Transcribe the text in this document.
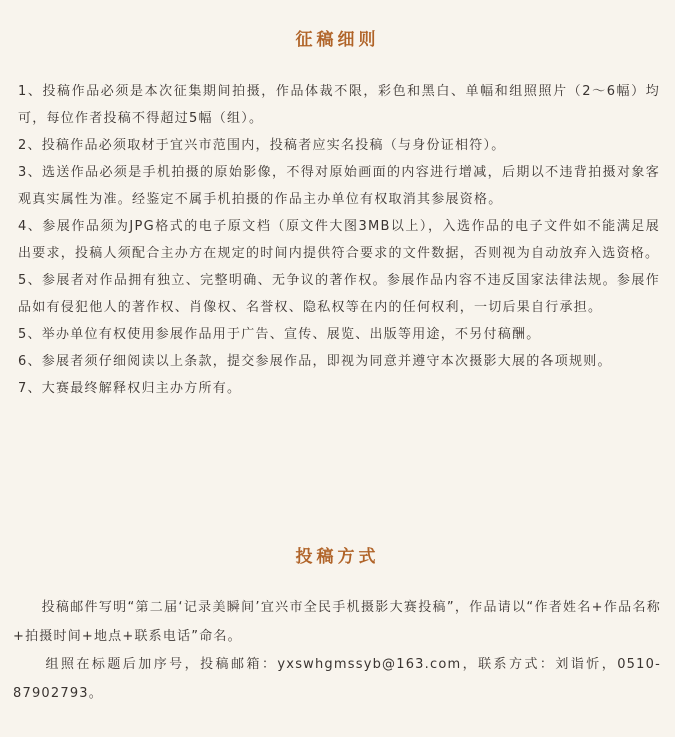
征稿细则
1、投稿作品必须是本次征集期间拍摄，作品体裁不限，彩色和黑白、单幅和组照照片（2～6幅）均可，每位作者投稿不得超过5幅（组）。
2、投稿作品必须取材于宜兴市范围内，投稿者应实名投稿（与身份证相符）。
3、选送作品必须是手机拍摄的原始影像，不得对原始画面的内容进行增减，后期以不违背拍摄对象客观真实属性为准。经鉴定不属手机拍摄的作品主办单位有权取消其参展资格。
4、参展作品须为JPG格式的电子原文档（原文件大图3MB以上），入选作品的电子文件如不能满足展出要求，投稿人须配合主办方在规定的时间内提供符合要求的文件数据，否则视为自动放弃入选资格。
5、参展者对作品拥有独立、完整明确、无争议的著作权。参展作品内容不违反国家法律法规。参展作品如有侵犯他人的著作权、肖像权、名誉权、隐私权等在内的任何权利，一切后果自行承担。
5、举办单位有权使用参展作品用于广告、宣传、展览、出版等用途，不另付稿酬。
6、参展者须仔细阅读以上条款，提交参展作品，即视为同意并遵守本次摄影大展的各项规则。
7、大赛最终解释权归主办方所有。
投稿方式

投稿邮件写明“第二届‘记录美瞬间’宜兴市全民手机摄影大赛投稿”，作品请以“作者姓名+作品名称+拍摄时间+地点+联系电话”命名。

组照在标题后加序号，投稿邮箱：yxswhgmssyb@163.com，联系方式：刘诣忻，0510-87902793。
